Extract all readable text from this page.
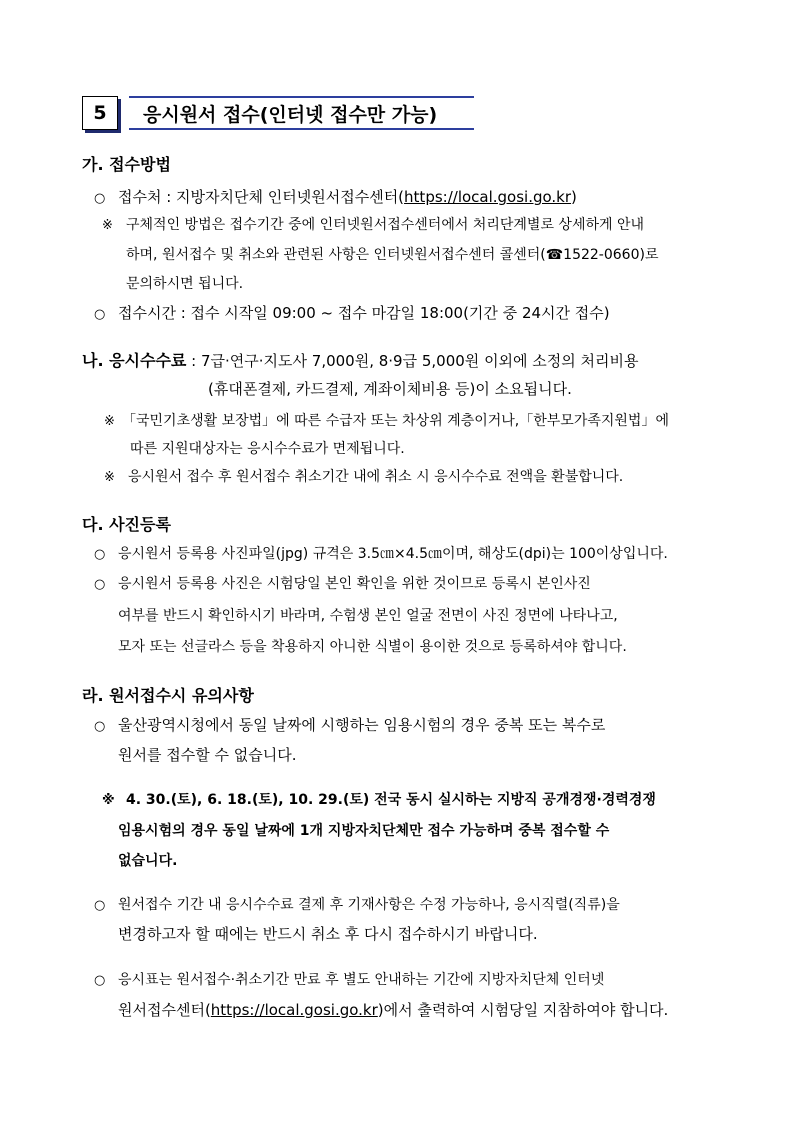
5	응시원서 접수(인터넷 접수만 가능)
가. 접수방법
○ 접수처 : 지방자치단체 인터넷원서접수센터(https://local.gosi.go.kr)
※ 구체적인 방법은 접수기간 중에 인터넷원서접수센터에서 처리단계별로 상세하게 안내
하며, 원서접수 및 취소와 관련된 사항은 인터넷원서접수센터 콜센터(☎1522-0660)로
문의하시면 됩니다.
○ 접수시간 : 접수 시작일 09:00 ~ 접수 마감일 18:00(기간 중 24시간 접수)
나. 응시수수료 : 7급·연구·지도사 7,000원, 8·9급 5,000원 이외에 소정의 처리비용
(휴대폰결제, 카드결제, 계좌이체비용 등)이 소요됩니다.
※ 「국민기초생활 보장법」에 따른 수급자 또는 차상위 계층이거나,「한부모가족지원법」에
따른 지원대상자는 응시수수료가 면제됩니다.
※ 응시원서 접수 후 원서접수 취소기간 내에 취소 시 응시수수료 전액을 환불합니다.
다. 사진등록
○ 응시원서 등록용 사진파일(jpg) 규격은 3.5㎝×4.5㎝이며, 해상도(dpi)는 100이상입니다.
○ 응시원서 등록용 사진은 시험당일 본인 확인을 위한 것이므로 등록시 본인사진
여부를 반드시 확인하시기 바라며, 수험생 본인 얼굴 전면이 사진 정면에 나타나고,
모자 또는 선글라스 등을 착용하지 아니한 식별이 용이한 것으로 등록하셔야 합니다.
라. 원서접수시 유의사항
○ 울산광역시청에서 동일 날짜에 시행하는 임용시험의 경우 중복 또는 복수로
원서를 접수할 수 없습니다.
※ 4. 30.(토), 6. 18.(토), 10. 29.(토) 전국 동시 실시하는 지방직 공개경쟁·경력경쟁
임용시험의 경우 동일 날짜에 1개 지방자치단체만 접수 가능하며 중복 접수할 수
없습니다.
○ 원서접수 기간 내 응시수수료 결제 후 기재사항은 수정 가능하나, 응시직렬(직류)을
변경하고자 할 때에는 반드시 취소 후 다시 접수하시기 바랍니다.
○ 응시표는 원서접수·취소기간 만료 후 별도 안내하는 기간에 지방자치단체 인터넷
원서접수센터(https://local.gosi.go.kr)에서 출력하여 시험당일 지참하여야 합니다.
